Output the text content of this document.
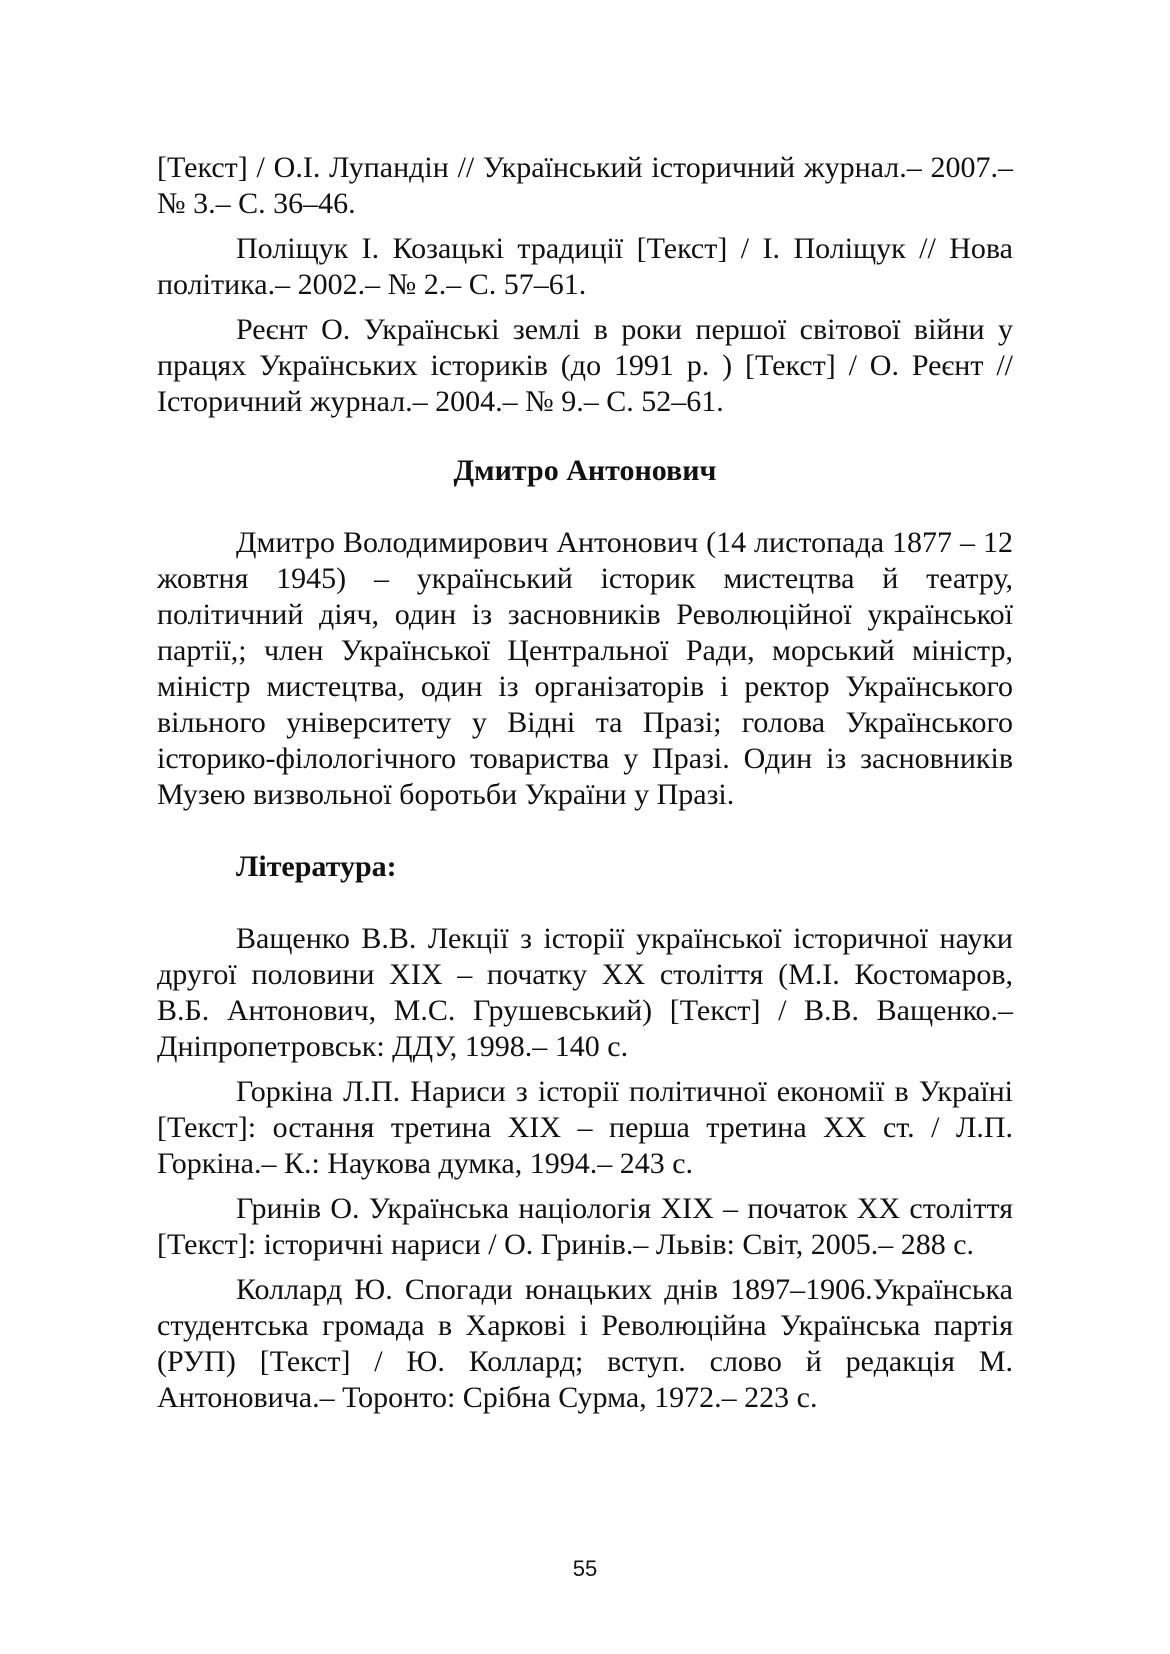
[Текст] / О.І. Лупандін // Український історичний журнал.– 2007.– № 3.– С. 36–46.

Поліщук І. Козацькі традиції [Текст] / І. Поліщук // Нова політика.– 2002.– № 2.– С. 57–61.

Реєнт О. Українські землі в роки першої світової війни у працях Українських істориків (до 1991 р. ) [Текст] / О. Реєнт // Історичний журнал.– 2004.– № 9.– С. 52–61.

Дмитро Антонович

Дмитро Володимирович Антонович (14 листопада 1877 – 12 жовтня 1945) – український історик мистецтва й театру, політичний діяч, один із засновників Революційної української партії,; член Української Центральної Ради, морський міністр, міністр мистецтва, один із організаторів і ректор Українського вільного університету у Відні та Празі; голова Українського історико-філологічного товариства у Празі. Один із засновників Музею визвольної боротьби України у Празі.

Література:

Ващенко В.В. Лекції з історії української історичної науки другої половини XIX – початку XX століття (М.І. Костомаров, В.Б. Антонович, М.С. Грушевський) [Текст] / В.В. Ващенко.– Дніпропетровськ: ДДУ, 1998.– 140 с.

Горкіна Л.П. Нариси з історії політичної економії в Україні [Текст]: остання третина XIX – перша третина XX ст. / Л.П. Горкіна.– К.: Наукова думка, 1994.– 243 с.

Гринів О. Українська націологія XIX – початок XX століття [Текст]: історичні нариси / О. Гринів.– Львів: Світ, 2005.– 288 с.

Коллард Ю. Спогади юнацьких днів 1897–1906.Українська студентська громада в Харкові і Революційна Українська партія (РУП) [Текст] / Ю. Коллард; вступ. слово й редакція М. Антоновича.– Торонто: Срібна Сурма, 1972.– 223 с.

55
